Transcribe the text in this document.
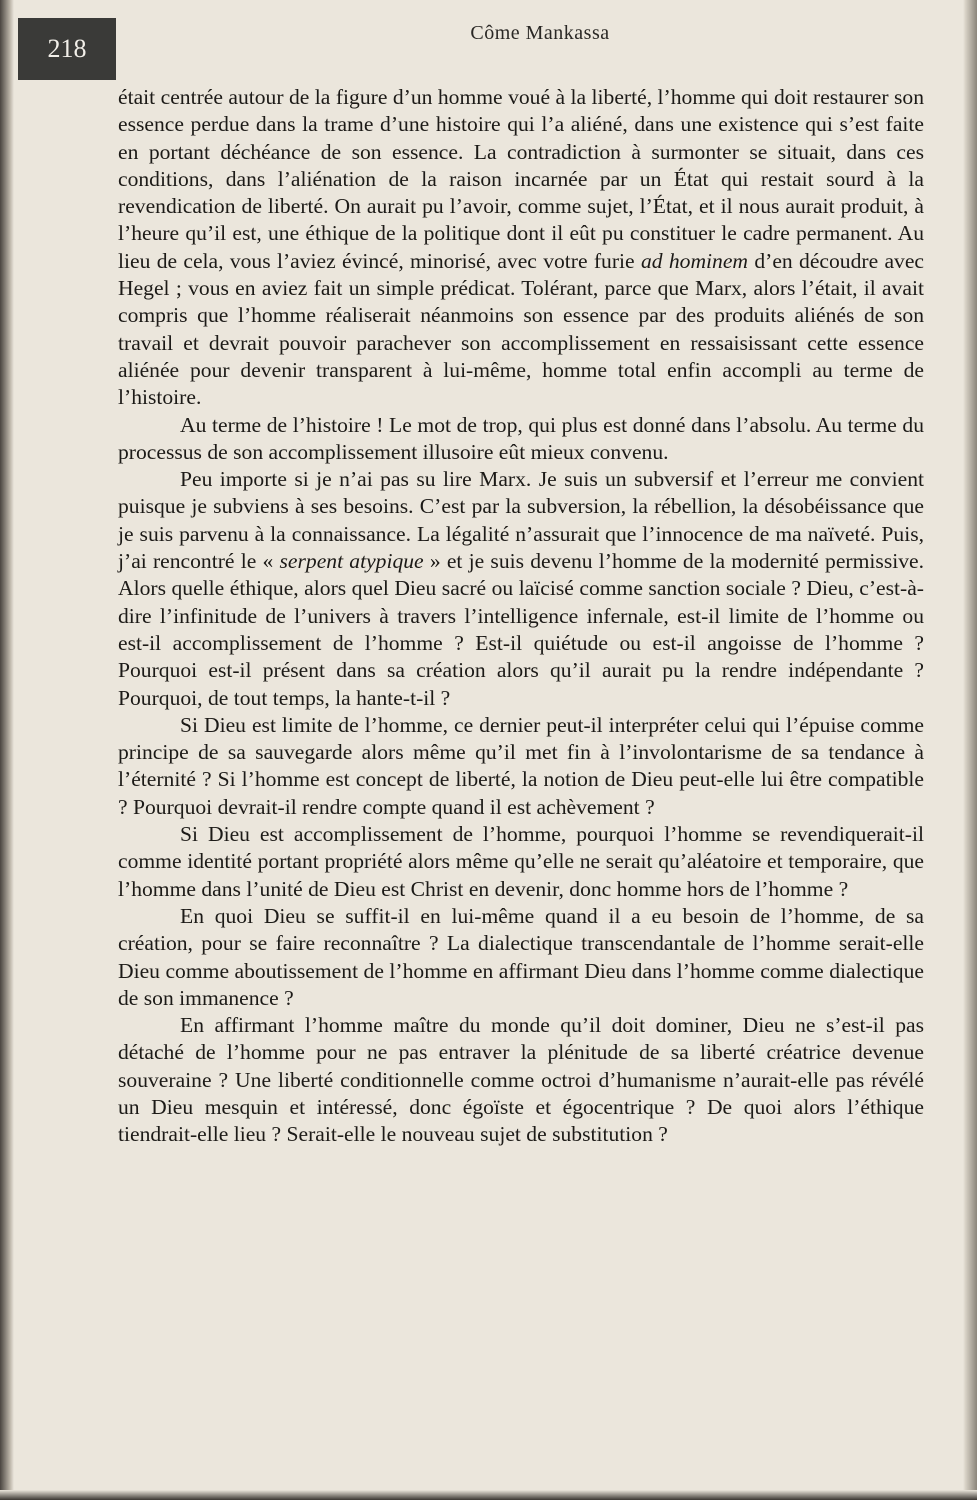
218
Côme Mankassa

était centrée autour de la figure d’un homme voué à la liberté, l’homme qui doit restaurer son essence perdue dans la trame d’une histoire qui l’a aliéné, dans une existence qui s’est faite en portant déchéance de son essence. La contradiction à surmonter se situait, dans ces conditions, dans l’aliénation de la raison incarnée par un État qui restait sourd à la revendication de liberté. On aurait pu l’avoir, comme sujet, l’État, et il nous aurait produit, à l’heure qu’il est, une éthique de la politique dont il eût pu constituer le cadre permanent. Au lieu de cela, vous l’aviez évincé, minorisé, avec votre furie ad hominem d’en découdre avec Hegel ; vous en aviez fait un simple prédicat. Tolérant, parce que Marx, alors l’était, il avait compris que l’homme réaliserait néanmoins son essence par des produits aliénés de son travail et devrait pouvoir parachever son accomplissement en ressaisissant cette essence aliénée pour devenir transparent à lui-même, homme total enfin accompli au terme de l’histoire.

Au terme de l’histoire ! Le mot de trop, qui plus est donné dans l’absolu. Au terme du processus de son accomplissement illusoire eût mieux convenu.

Peu importe si je n’ai pas su lire Marx. Je suis un subversif et l’erreur me convient puisque je subviens à ses besoins. C’est par la subversion, la rébellion, la désobéissance que je suis parvenu à la connaissance. La légalité n’assurait que l’innocence de ma naïveté. Puis, j’ai rencontré le « serpent atypique » et je suis devenu l’homme de la modernité permissive. Alors quelle éthique, alors quel Dieu sacré ou laïcisé comme sanction sociale ? Dieu, c’est-à-dire l’infinitude de l’univers à travers l’intelligence infernale, est-il limite de l’homme ou est-il accomplissement de l’homme ? Est-il quiétude ou est-il angoisse de l’homme ? Pourquoi est-il présent dans sa création alors qu’il aurait pu la rendre indépendante ? Pourquoi, de tout temps, la hante-t-il ?

Si Dieu est limite de l’homme, ce dernier peut-il interpréter celui qui l’épuise comme principe de sa sauvegarde alors même qu’il met fin à l’involontarisme de sa tendance à l’éternité ? Si l’homme est concept de liberté, la notion de Dieu peut-elle lui être compatible ? Pourquoi devrait-il rendre compte quand il est achèvement ?

Si Dieu est accomplissement de l’homme, pourquoi l’homme se revendiquerait-il comme identité portant propriété alors même qu’elle ne serait qu’aléatoire et temporaire, que l’homme dans l’unité de Dieu est Christ en devenir, donc homme hors de l’homme ?

En quoi Dieu se suffit-il en lui-même quand il a eu besoin de l’homme, de sa création, pour se faire reconnaître ? La dialectique transcendantale de l’homme serait-elle Dieu comme aboutissement de l’homme en affirmant Dieu dans l’homme comme dialectique de son immanence ?

En affirmant l’homme maître du monde qu’il doit dominer, Dieu ne s’est-il pas détaché de l’homme pour ne pas entraver la plénitude de sa liberté créatrice devenue souveraine ? Une liberté conditionnelle comme octroi d’humanisme n’aurait-elle pas révélé un Dieu mesquin et intéressé, donc égoïste et égocentrique ? De quoi alors l’éthique tiendrait-elle lieu ? Serait-elle le nouveau sujet de substitution ?
